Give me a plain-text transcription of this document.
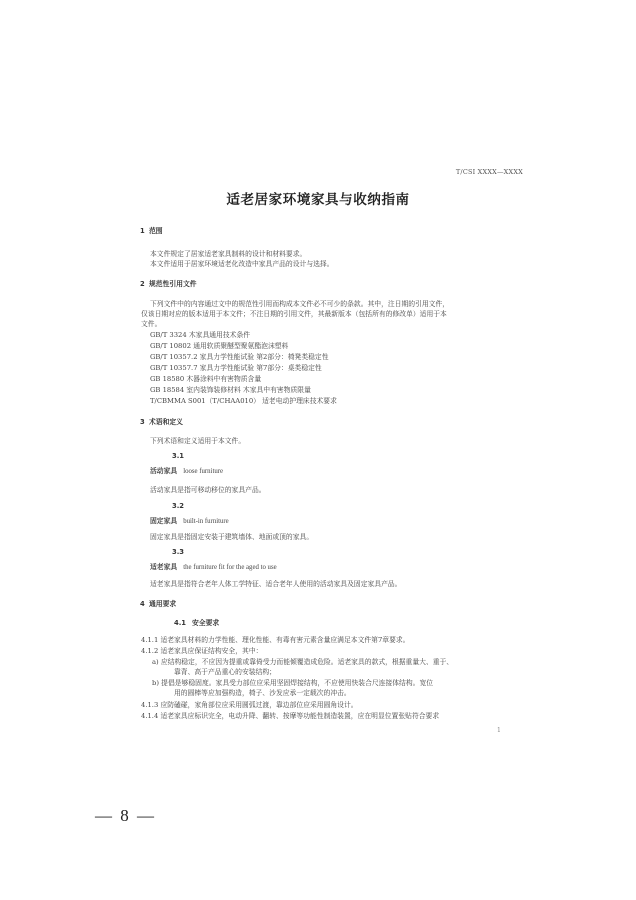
T/CSI XXXX—XXXX
适老居家环境家具与收纳指南
1 范围
本文件规定了居家适老家具制料的设计和材料要求。
本文件适用于居家环境适老化改造中家具产品的设计与选择。
2 规范性引用文件
下列文件中的内容通过文中的规范性引用而构成本文件必不可少的条款。其中，注日期的引用文件，
仅该日期对应的版本适用于本文件；不注日期的引用文件，其最新版本（包括所有的修改单）适用于本
文件。
GB/T 3324 木家具通用技术条件
GB/T 10802 通用软质聚醚型聚氨酯泡沫塑料
GB/T 10357.2 家具力学性能试验 第2部分：椅凳类稳定性
GB/T 10357.7 家具力学性能试验 第7部分：桌类稳定性
GB 18580 木器涂料中有害物质含量
GB 18584 室内装饰装修材料 木家具中有害物质限量
T/CBMMA S001（T/CHAA010） 适老电动护理床技术要求
3 术语和定义
下列术语和定义适用于本文件。
3.1
活动家具 loose furniture
活动家具是指可移动移位的家具产品。
3.2
固定家具 built-in furniture
固定家具是指固定安装于建筑墙体、地面或顶的家具。
3.3
适老家具 the furniture fit for the aged to use
适老家具是指符合老年人体工学特征、适合老年人使用的活动家具及固定家具产品。
4 通用要求
4.1 安全要求
4.1.1 适老家具材料的力学性能、理化性能、有毒有害元素含量应满足本文件第7章要求。
4.1.2 适老家具应保证结构安全，其中：
a) 应结构稳定，不应因为提重或靠倚受力而能倾覆造成危险。适老家具的款式，根据重量大、重于、
靠背、高于产品重心的安装结构；
b) 提倡是够稳固度。家具受力部位应采用坚固焊接结构，不应使用快装合尺连接体结构。宽位
用的圆棒等应加强构造，椅子、沙发应承一定载次的冲击。
4.1.3 应防磕碰，家角部位应采用圆弧过渡，靠边部位应采用圆角设计。
4.1.4 适老家具应标识完全，电动升降、翻转、按摩等功能性制造装置，应在明显位置张贴符合要求
1
— 8 —
